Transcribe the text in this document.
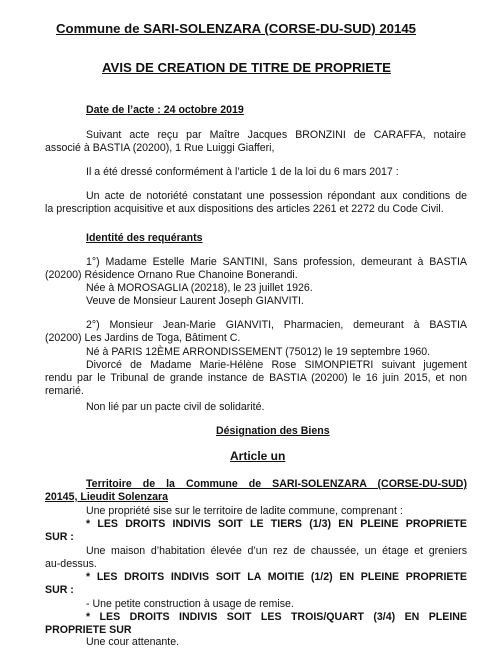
Commune de SARI-SOLENZARA (CORSE-DU-SUD) 20145
AVIS DE CREATION DE TITRE DE PROPRIETE
Date de l’acte : 24 octobre 2019
Suivant acte reçu par Maître Jacques BRONZINI de CARAFFA, notaire
associé à BASTIA (20200), 1 Rue Luiggi Giafferi,
Il a été dressé conformément à l’article 1 de la loi du 6 mars 2017 :
Un acte de notoriété constatant une possession répondant aux conditions de
la prescription acquisitive et aux dispositions des articles 2261 et 2272 du Code Civil.
Identité des requérants
1°) Madame Estelle Marie SANTINI, Sans profession, demeurant à BASTIA
(20200) Résidence Ornano Rue Chanoine Bonerandi.
Née à MOROSAGLIA (20218), le 23 juillet 1926.
Veuve de Monsieur Laurent Joseph GIANVITI.
2°) Monsieur Jean-Marie GIANVITI, Pharmacien, demeurant à BASTIA
(20200) Les Jardins de Toga, Bâtiment C.
Né à PARIS 12ÈME ARRONDISSEMENT (75012) le 19 septembre 1960.
Divorcé de Madame Marie-Hélène Rose SIMONPIETRI suivant jugement
rendu par le Tribunal de grande instance de BASTIA (20200) le 16 juin 2015, et non
remarié.
Non lié par un pacte civil de solidarité.
Désignation des Biens
Article un
Territoire de la Commune de SARI-SOLENZARA (CORSE-DU-SUD)
20145, Lieudit Solenzara
Une propriété sise sur le territoire de ladite commune, comprenant :
* LES DROITS INDIVIS SOIT LE TIERS (1/3) EN PLEINE PROPRIETE
SUR :
Une maison d’habitation élevée d’un rez de chaussée, un étage et greniers
au-dessus.
* LES DROITS INDIVIS SOIT LA MOITIE (1/2) EN PLEINE PROPRIETE
SUR :
- Une petite construction à usage de remise.
* LES DROITS INDIVIS SOIT LES TROIS/QUART (3/4) EN PLEINE
PROPRIETE SUR
Une cour attenante.
